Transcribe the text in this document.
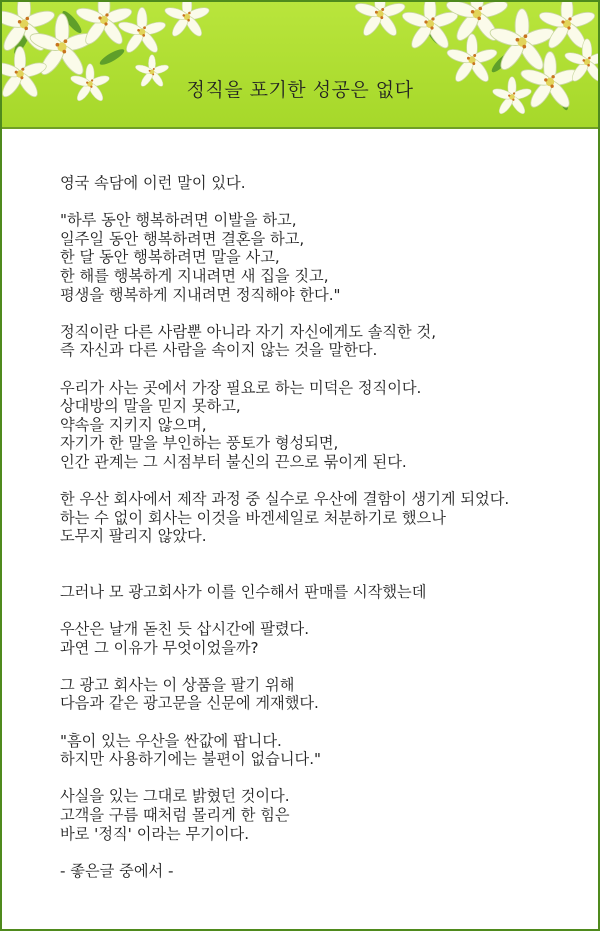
정직을 포기한 성공은 없다

영국 속담에 이런 말이 있다.

"하루 동안 행복하려면 이발을 하고,
일주일 동안 행복하려면 결혼을 하고,
한 달 동안 행복하려면 말을 사고,
한 해를 행복하게 지내려면 새 집을 짓고,
평생을 행복하게 지내려면 정직해야 한다."

정직이란 다른 사람뿐 아니라 자기 자신에게도 솔직한 것,
즉 자신과 다른 사람을 속이지 않는 것을 말한다.

우리가 사는 곳에서 가장 필요로 하는 미덕은 정직이다.
상대방의 말을 믿지 못하고,
약속을 지키지 않으며,
자기가 한 말을 부인하는 풍토가 형성되면,
인간 관계는 그 시점부터 불신의 끈으로 묶이게 된다.

한 우산 회사에서 제작 과정 중 실수로 우산에 결함이 생기게 되었다.
하는 수 없이 회사는 이것을 바겐세일로 처분하기로 했으나
도무지 팔리지 않았다.

그러나 모 광고회사가 이를 인수해서 판매를 시작했는데

우산은 날개 돋친 듯 삽시간에 팔렸다.
과연 그 이유가 무엇이었을까?

그 광고 회사는 이 상품을 팔기 위해
다음과 같은 광고문을 신문에 게재했다.

"흠이 있는 우산을 싼값에 팝니다.
하지만 사용하기에는 불편이 없습니다."

사실을 있는 그대로 밝혔던 것이다.
고객을 구름 때처럼 몰리게 한 힘은
바로 '정직' 이라는 무기이다.

- 좋은글 중에서 -
